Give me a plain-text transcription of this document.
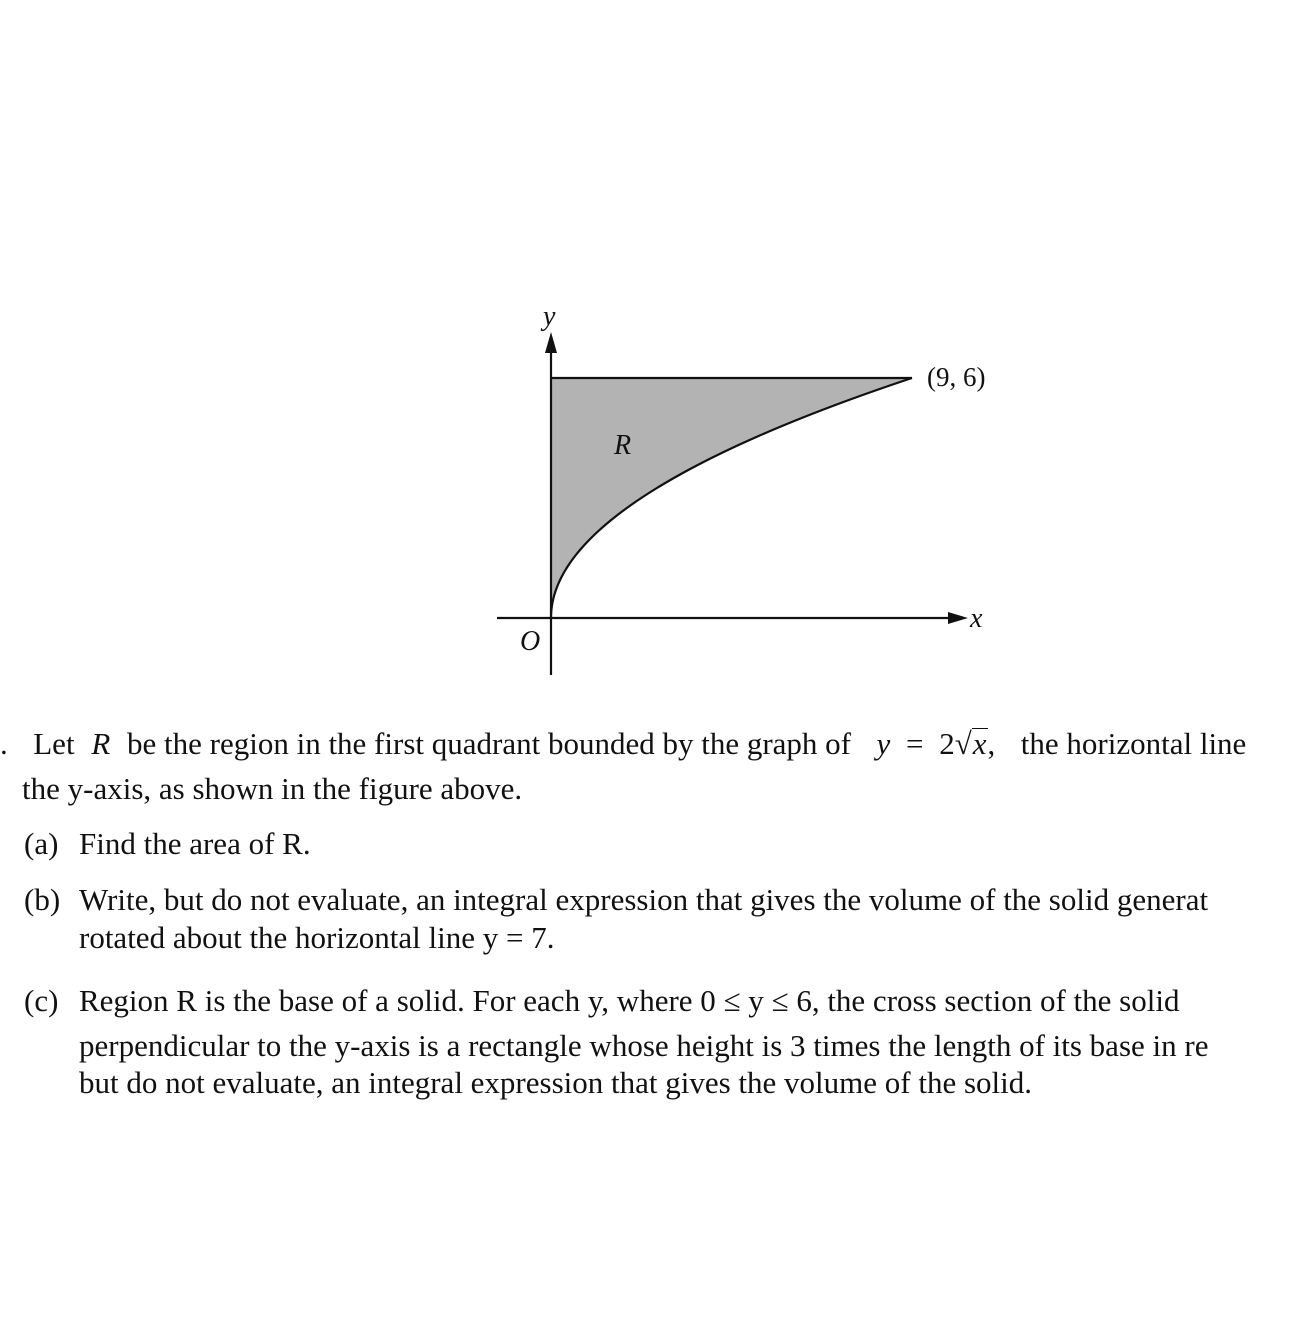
y
x
O
R
(9, 6)
. Let R be the region in the first quadrant bounded by the graph of y = 2√x, the horizontal line
the y-axis, as shown in the figure above.
(a) Find the area of R.
(b) Write, but do not evaluate, an integral expression that gives the volume of the solid generat
rotated about the horizontal line y = 7.
(c) Region R is the base of a solid. For each y, where 0 ≤ y ≤ 6, the cross section of the solid
perpendicular to the y-axis is a rectangle whose height is 3 times the length of its base in re
but do not evaluate, an integral expression that gives the volume of the solid.
